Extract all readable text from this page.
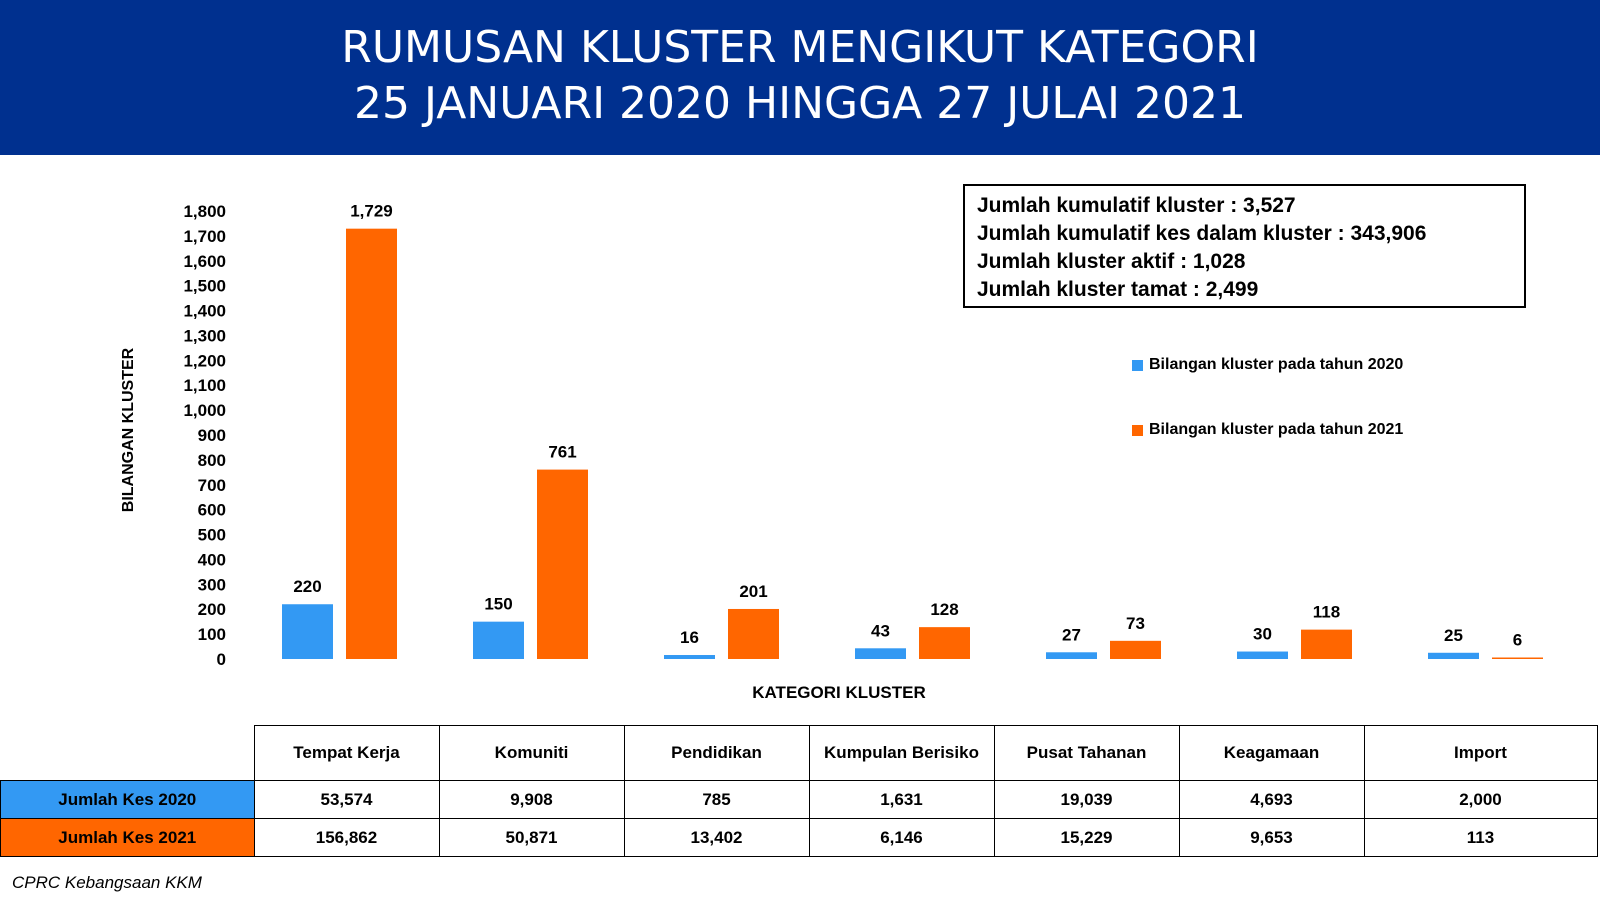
RUMUSAN KLUSTER MENGIKUT KATEGORI
25 JANUARI 2020 HINGGA 27 JULAI 2021
0
100
200
300
400
500
600
700
800
900
1,000
1,100
1,200
1,300
1,400
1,500
1,600
1,700
1,800
BILANGAN KLUSTER
KATEGORI KLUSTER
220
1,729
150
761
16
201
43
128
27
73
30
118
25	6
Jumlah kumulatif kluster : 3,527
Jumlah kumulatif kes dalam kluster : 343,906
Jumlah kluster aktif : 1,028
Jumlah kluster tamat : 2,499
Bilangan kluster pada tahun 2020
Bilangan kluster pada tahun 2021
	Tempat Kerja	Komuniti	Pendidikan	Kumpulan Berisiko	Pusat Tahanan	Keagamaan	Import
Jumlah Kes 2020	53,574	9,908	785	1,631	19,039	4,693	2,000
Jumlah Kes 2021	156,862	50,871	13,402	6,146	15,229	9,653	113
CPRC Kebangsaan KKM
